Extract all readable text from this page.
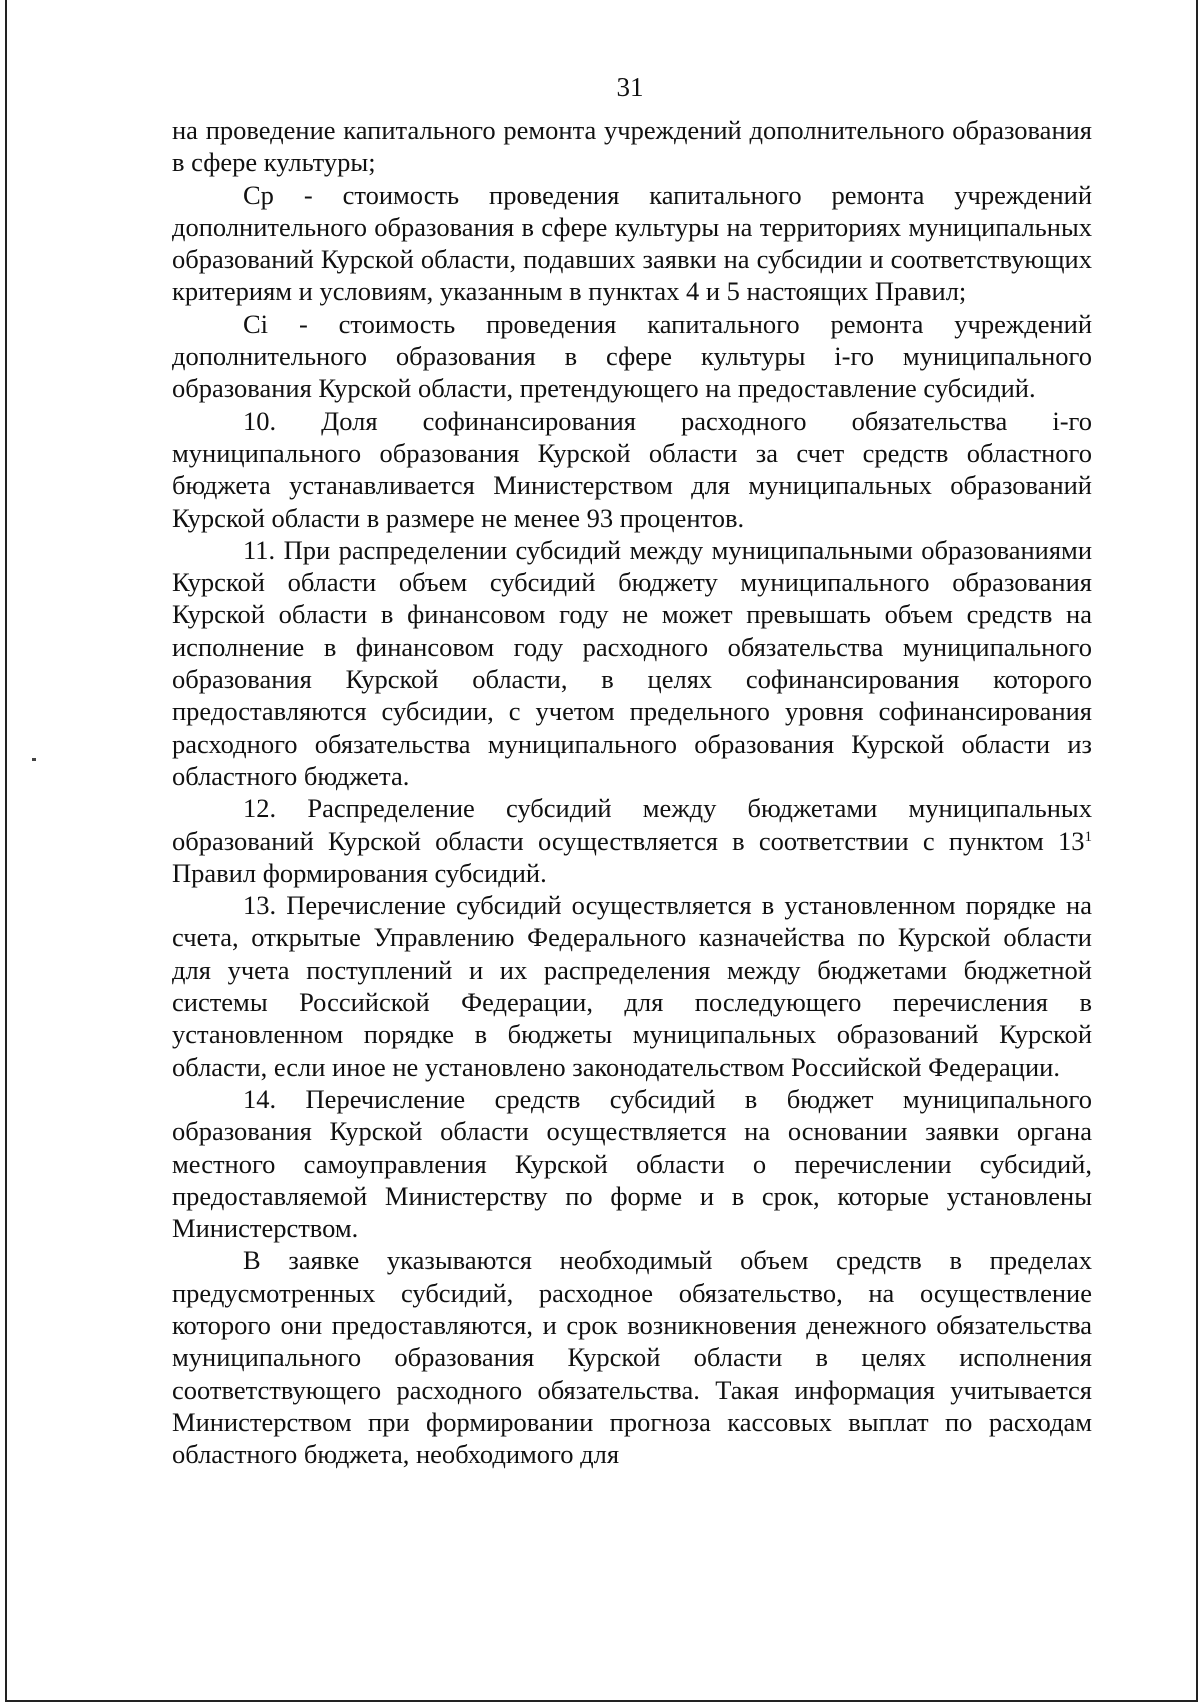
31

на проведение капитального ремонта учреждений дополнительного образования в сфере культуры;

Ср - стоимость проведения капитального ремонта учреждений дополнительного образования в сфере культуры на территориях муниципальных образований Курской области, подавших заявки на субсидии и соответствующих критериям и условиям, указанным в пунктах 4 и 5 настоящих Правил;

Сi - стоимость проведения капитального ремонта учреждений дополнительного образования в сфере культуры i-го муниципального образования Курской области, претендующего на предоставление субсидий.

10. Доля софинансирования расходного обязательства i-го муниципального образования Курской области за счет средств областного бюджета устанавливается Министерством для муниципальных образований Курской области в размере не менее 93 процентов.

11. При распределении субсидий между муниципальными образованиями Курской области объем субсидий бюджету муниципального образования Курской области в финансовом году не может превышать объем средств на исполнение в финансовом году расходного обязательства муниципального образования Курской области, в целях софинансирования которого предоставляются субсидии, с учетом предельного уровня софинансирования расходного обязательства муниципального образования Курской области из областного бюджета.

12. Распределение субсидий между бюджетами муниципальных образований Курской области осуществляется в соответствии с пунктом $13^1$ Правил формирования субсидий.

13. Перечисление субсидий осуществляется в установленном порядке на счета, открытые Управлению Федерального казначейства по Курской области для учета поступлений и их распределения между бюджетами бюджетной системы Российской Федерации, для последующего перечисления в установленном порядке в бюджеты муниципальных образований Курской области, если иное не установлено законодательством Российской Федерации.

14. Перечисление средств субсидий в бюджет муниципального образования Курской области осуществляется на основании заявки органа местного самоуправления Курской области о перечислении субсидий, предоставляемой Министерству по форме и в срок, которые установлены Министерством.

В заявке указываются необходимый объем средств в пределах предусмотренных субсидий, расходное обязательство, на осуществление которого они предоставляются, и срок возникновения денежного обязательства муниципального образования Курской области в целях исполнения соответствующего расходного обязательства. Такая информация учитывается Министерством при формировании прогноза кассовых выплат по расходам областного бюджета, необходимого для
